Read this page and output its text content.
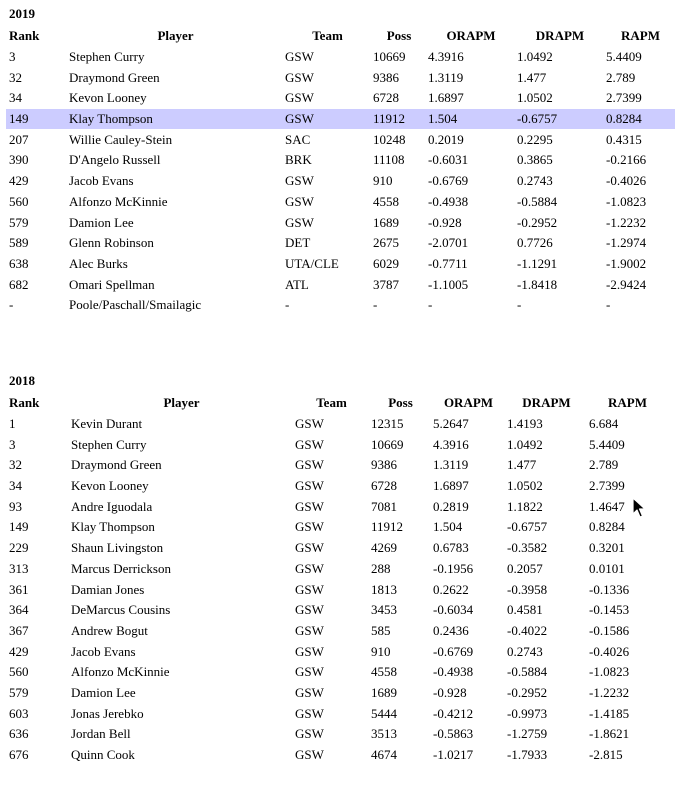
2019
Rank	Player	Team	Poss	ORAPM	DRAPM	RAPM
3	Stephen Curry	GSW	10669	4.3916	1.0492	5.4409
32	Draymond Green	GSW	9386	1.3119	1.477	2.789
34	Kevon Looney	GSW	6728	1.6897	1.0502	2.7399
149	Klay Thompson	GSW	11912	1.504	-0.6757	0.8284
207	Willie Cauley-Stein	SAC	10248	0.2019	0.2295	0.4315
390	D'Angelo Russell	BRK	11108	-0.6031	0.3865	-0.2166
429	Jacob Evans	GSW	910	-0.6769	0.2743	-0.4026
560	Alfonzo McKinnie	GSW	4558	-0.4938	-0.5884	-1.0823
579	Damion Lee	GSW	1689	-0.928	-0.2952	-1.2232
589	Glenn Robinson	DET	2675	-2.0701	0.7726	-1.2974
638	Alec Burks	UTA/CLE	6029	-0.7711	-1.1291	-1.9002
682	Omari Spellman	ATL	3787	-1.1005	-1.8418	-2.9424
-	Poole/Paschall/Smailagic	-	-	-	-	-
2018
Rank	Player	Team	Poss	ORAPM	DRAPM	RAPM
1	Kevin Durant	GSW	12315	5.2647	1.4193	6.684
3	Stephen Curry	GSW	10669	4.3916	1.0492	5.4409
32	Draymond Green	GSW	9386	1.3119	1.477	2.789
34	Kevon Looney	GSW	6728	1.6897	1.0502	2.7399
93	Andre Iguodala	GSW	7081	0.2819	1.1822	1.4647
149	Klay Thompson	GSW	11912	1.504	-0.6757	0.8284
229	Shaun Livingston	GSW	4269	0.6783	-0.3582	0.3201
313	Marcus Derrickson	GSW	288	-0.1956	0.2057	0.0101
361	Damian Jones	GSW	1813	0.2622	-0.3958	-0.1336
364	DeMarcus Cousins	GSW	3453	-0.6034	0.4581	-0.1453
367	Andrew Bogut	GSW	585	0.2436	-0.4022	-0.1586
429	Jacob Evans	GSW	910	-0.6769	0.2743	-0.4026
560	Alfonzo McKinnie	GSW	4558	-0.4938	-0.5884	-1.0823
579	Damion Lee	GSW	1689	-0.928	-0.2952	-1.2232
603	Jonas Jerebko	GSW	5444	-0.4212	-0.9973	-1.4185
636	Jordan Bell	GSW	3513	-0.5863	-1.2759	-1.8621
676	Quinn Cook	GSW	4674	-1.0217	-1.7933	-2.815
